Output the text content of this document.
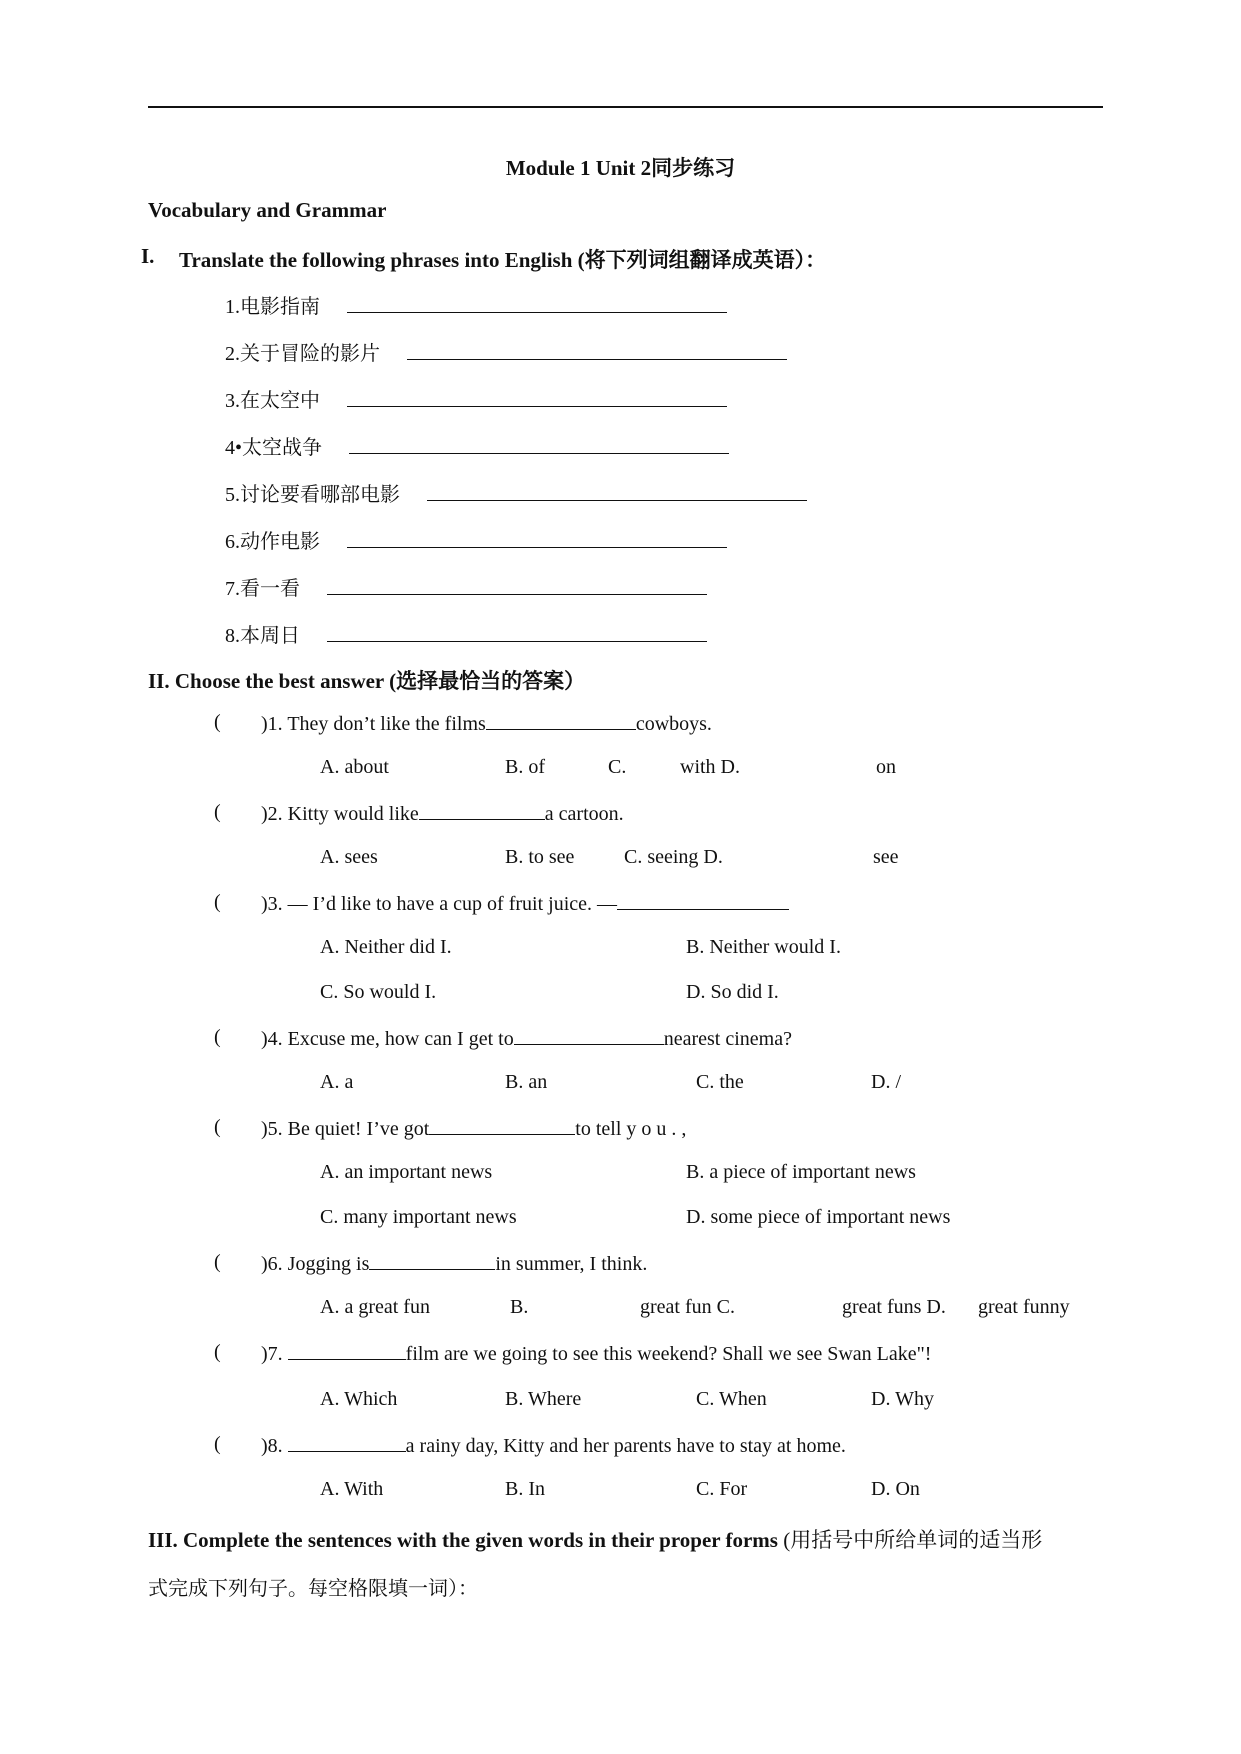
Module 1 Unit 2同步练习
Vocabulary and Grammar
I. Translate the following phrases into English (将下列词组翻译成英语）：
1.电影指南
2.关于冒险的影片
3.在太空中
4•太空战争
5.讨论要看哪部电影
6.动作电影
7.看一看
8.本周日
II. Choose the best answer (选择最恰当的答案）
( )1. They don’t like the films	cowboys.
A. about	B. of	C.	with D.	on
( )2. Kitty would like	a cartoon.
A. sees	B. to see C. seeing D.	see
( )3. — I’d like to have a cup of fruit juice. —
A. Neither did I.	B. Neither would I.
C. So would I.	D. So did I.
( )4. Excuse me, how can I get to	nearest cinema?
A. a	B. an	C. the	D. /
( )5. Be quiet! I’ve got	to tell y o u . ,
A. an important news	B. a piece of important news
C. many important news	D. some piece of important news
( )6. Jogging is	in summer, I think.
A. a great fun	B.	great fun C.	great funs D. great funny
( )7.	film are we going to see this weekend? Shall we see Swan Lake"!
A. Which	B. Where	C. When	D. Why
( )8.	a rainy day, Kitty and her parents have to stay at home.
A. With	B. In	C. For	D. On
III. Complete the sentences with the given words in their proper forms (用括号中所给单词的适当形
式完成下列句子。每空格限填一词）：
